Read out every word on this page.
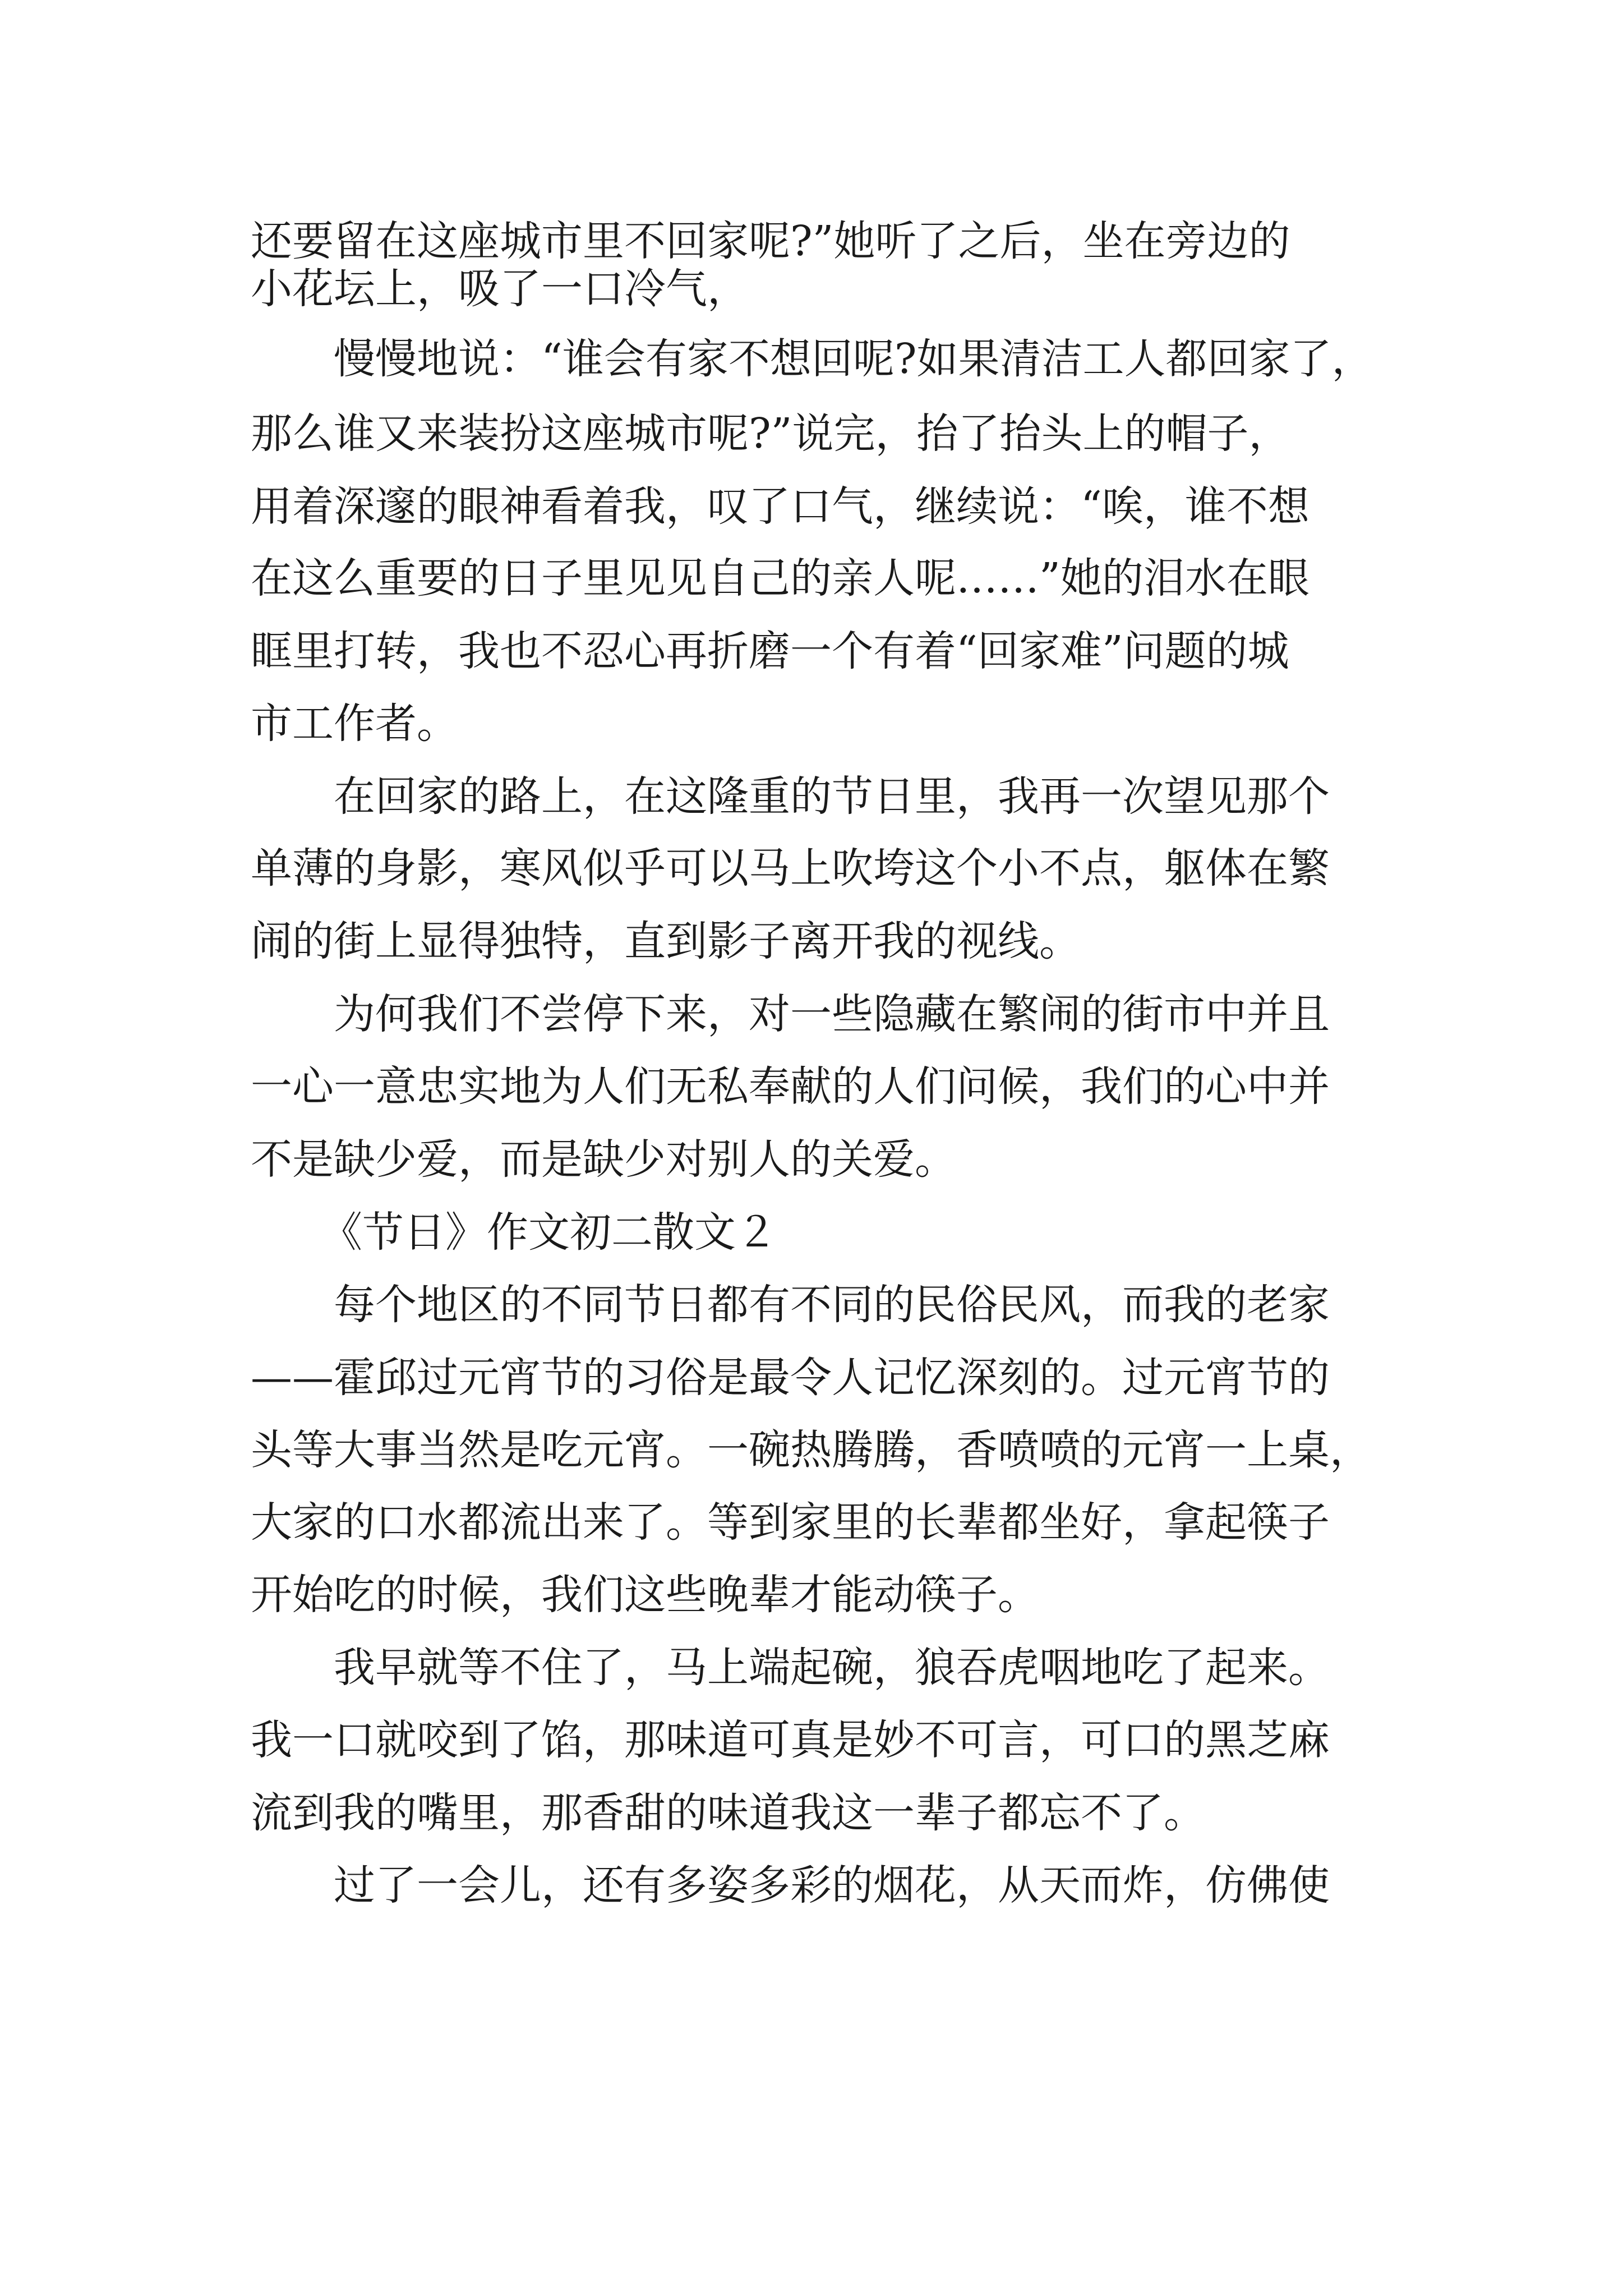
还要留在这座城市里不回家呢?”她听了之后，坐在旁边的

小花坛上，吸了一口冷气，

慢慢地说：“谁会有家不想回呢?如果清洁工人都回家了，

那么谁又来装扮这座城市呢?”说完，抬了抬头上的帽子，

用着深邃的眼神看着我，叹了口气，继续说：“唉，谁不想

在这么重要的日子里见见自己的亲人呢……”她的泪水在眼

眶里打转，我也不忍心再折磨一个有着“回家难”问题的城

市工作者。

在回家的路上，在这隆重的节日里，我再一次望见那个

单薄的身影，寒风似乎可以马上吹垮这个小不点，躯体在繁

闹的街上显得独特，直到影子离开我的视线。

为何我们不尝停下来，对一些隐藏在繁闹的街市中并且

一心一意忠实地为人们无私奉献的人们问候，我们的心中并

不是缺少爱，而是缺少对别人的关爱。

《节日》作文初二散文２

每个地区的不同节日都有不同的民俗民风，而我的老家

——霍邱过元宵节的习俗是最令人记忆深刻的。过元宵节的

头等大事当然是吃元宵。一碗热腾腾，香喷喷的元宵一上桌，

大家的口水都流出来了。等到家里的长辈都坐好，拿起筷子

开始吃的时候，我们这些晚辈才能动筷子。

我早就等不住了，马上端起碗，狼吞虎咽地吃了起来。

我一口就咬到了馅，那味道可真是妙不可言，可口的黑芝麻

流到我的嘴里，那香甜的味道我这一辈子都忘不了。

过了一会儿，还有多姿多彩的烟花，从天而炸，仿佛使
